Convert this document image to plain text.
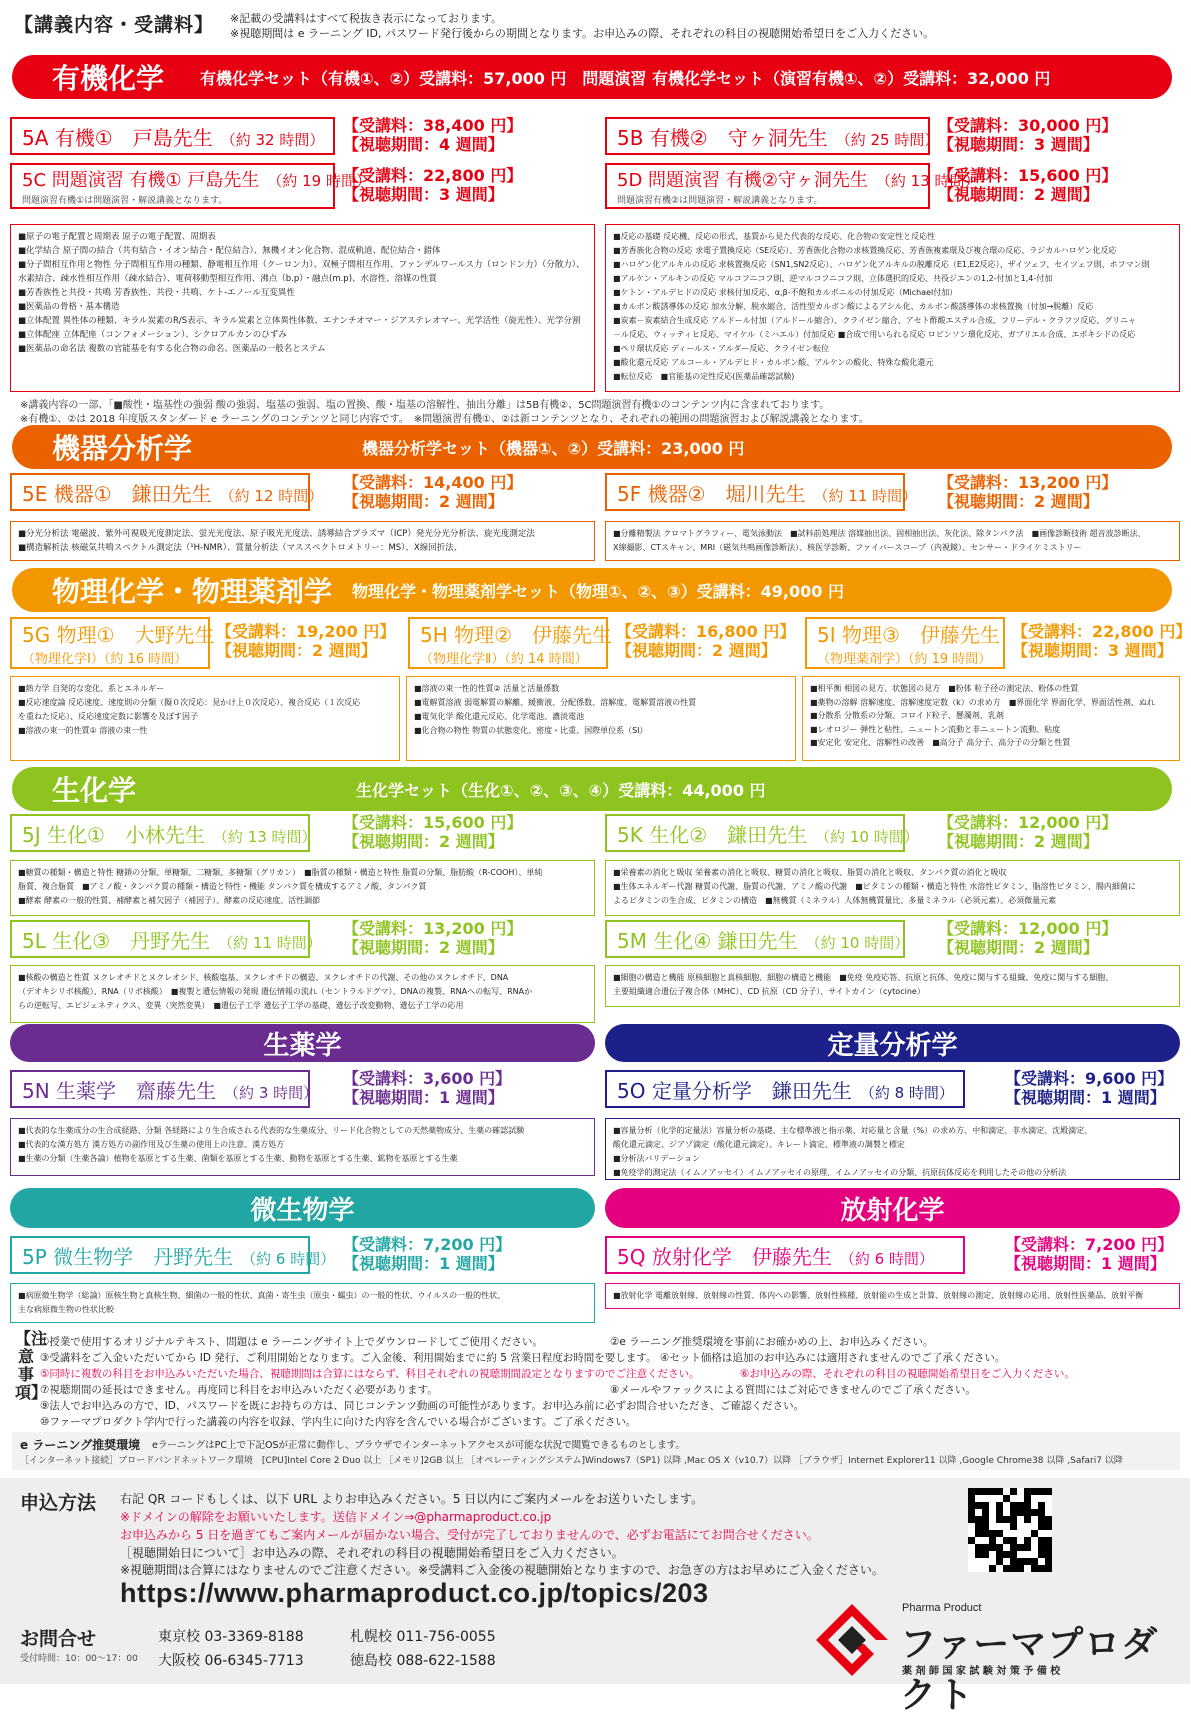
【講義内容・受講料】 ※記載の受講料はすべて税抜き表示になっております。
※視聴期間は e ラーニング ID, パスワード発行後からの期間となります。お申込みの際、それぞれの科目の視聴開始希望日をご入力ください。
有機化学 有機化学セット（有機①、②）受講料：57,000 円　問題演習 有機化学セット（演習有機①、②）受講料：32,000 円
5A 有機①　戸島先生 （約 32 時間）
【受講料：38,400 円】
【視聴期間：4 週間】	5B 有機②　守ヶ洞先生 （約 25 時間）
【受講料：30,000 円】
【視聴期間：3 週間】
5C 問題演習 有機① 戸島先生 （約 19 時間）
問題演習有機①は問題演習・解説講義となります。
【受講料：22,800 円】
【視聴期間：3 週間】
5D 問題演習 有機②守ヶ洞先生 （約 13 時間）
問題演習有機②は問題演習・解説講義となります。
【受講料：15,600 円】
【視聴期間：2 週間】
■原子の電子配置と周期表 原子の電子配置、周期表
■化学結合 原子間の結合（共有結合・イオン結合・配位結合）、無機イオン化合物、混成軌道、配位結合・錯体
■分子間相互作用と物性 分子間相互作用の種類、静電相互作用（クーロン力）、双極子間相互作用、ファンデルワールス力（ロンドン力）（分散力）、
水素結合、疎水性相互作用（疎水結合）、電荷移動型相互作用、沸点（b.p）・融点(m.p)、水溶性、溶媒の性質
■芳香族性と共役・共鳴 芳香族性、共役・共鳴、ケト-エノール互変異性
■医薬品の骨格・基本構造
■立体配置 異性体の種類、キラル炭素のR/S表示、キラル炭素と立体異性体数、エナンチオマー・ジアステレオマー、光学活性（旋光性）、光学分割
■立体配座 立体配座（コンフォメーション）、シクロアルカンのひずみ
■医薬品の命名法 複数の官能基を有する化合物の命名、医薬品の一般名とステム
■反応の基礎 反応機、反応の形式、基質から見た代表的な反応、化合物の安定性と反応性
■芳香族化合物の反応 求電子置換反応（SE反応）、芳香族化合物の求核置換反応、芳香族複素環及び複合環の反応、ラジカルハロゲン化反応
■ハロゲン化アルキルの反応 求核置換反応（SN1,SN2反応）、ハロゲン化アルキルの脱離反応（E1,E2反応）、ザイツェフ、セイツェフ則、ホフマン則
■アルケン・アルキンの反応 マルコフニコフ則、逆マルコフニコフ則、立体選択的反応、共役ジエンの1,2-付加と1,4-付加
■ケトン・アルデヒドの反応 求核付加反応、α,β-不飽和カルボニルの付加反応（Michael付加）
■カルボン酸誘導体の反応 加水分解、脱水縮合、活性型カルボン酸によるアシル化、カルボン酸誘導体の求核置換（付加→脱離）反応
■炭素－炭素結合生成反応 アルドール付加（アルドール縮合）、クライゼン縮合、アセト酢酸エステル合成、フリーデル・クラフツ反応、グリニャ
－ル反応、ウィッティヒ反応、マイケル（ミハエル）付加反応 ■合成で用いられる反応 ロビンソン環化反応、ガブリエル合成、エポキシドの反応
■ペリ環状反応 ディールス・アルダー反応、クライゼン転位
■酸化還元反応 アルコール・アルデヒド・カルボン酸、アルケンの酸化、特殊な酸化還元
■転位反応　■官能基の定性反応(医薬品確認試験)
※講義内容の一部、「■酸性・塩基性の強弱 酸の強弱、塩基の強弱、塩の置換、酸・塩基の溶解性、抽出分離」は5B有機②、5C問題演習有機①のコンテンツ内に含まれております。
※有機①、②は 2018 年度版スタンダード e ラーニングのコンテンツと同じ内容です。　※問題演習有機①、②は新コンテンツとなり、それぞれの範囲の問題演習および解説講義となります。
機器分析学	機器分析学セット（機器①、②）受講料：23,000 円
5E 機器①　鎌田先生 （約 12 時間）
【受講料：14,400 円】
【視聴期間：2 週間】	5F 機器②　堀川先生 （約 11 時間）
【受講料：13,200 円】
【視聴期間：2 週間】
■分光分析法 電磁波、紫外可視吸光度測定法、蛍光光度法、原子吸光光度法、誘導結合プラズマ（ICP）発光分光分析法、旋光度測定法
■構造解析法 核磁気共鳴スペクトル測定法（¹H-NMR）、質量分析法（マススペクトロメトリー：MS）、X線回折法、
■分離精製法 クロマトグラフィー、電気泳動法　■試料前処理法 溶媒抽出法、固相抽出法、灰化法、除タンパク法　■画像診断技術 超音波診断法、
X線撮影、CTスキャン、MRI（磁気共鳴画像診断法）、核医学診断、ファイバースコープ（内視鏡）、センサー・ドライケミストリー
物理化学・物理薬剤学 物理化学・物理薬剤学セット（物理①、②、③）受講料：49,000 円
5G 物理①　大野先生
（物理化学Ⅰ）（約 16 時間）
【受講料：19,200 円】
【視聴期間：2 週間】
5H 物理②　伊藤先生
（物理化学Ⅱ）（約 14 時間）
【受講料：16,800 円】
【視聴期間：2 週間】
5I 物理③　伊藤先生
（物理薬剤学）（約 19 時間）
【受講料：22,800 円】
【視聴期間：3 週間】
■熱力学 自発的な変化、系とエネルギー
■反応速度論 反応速度、速度則の分類（擬０次反応：見かけ上０次反応）、複合反応（１次反応
を重ねた反応）、反応速度定数に影響を及ぼす因子
■溶液の束一的性質① 溶液の束一性
■溶液の束一性的性質② 活量と活量係数
■電解質溶液 弱電解質の解離、緩衝液、分配係数、溶解度、電解質溶液の性質
■電気化学 酸化還元反応、化学電池、濃淡電池
■化合物の物性 物質の状態変化、密度・比重、国際単位系（SI）
■相平衡 相図の見方、状態図の見方　■粉体 粒子径の測定法、粉体の性質
■薬物の溶解 溶解速度、溶解速度定数（k）の求め方　■界面化学 界面化学、界面活性剤、ぬれ
■分散系 分散系の分類、コロイド粒子、懸濁剤、乳剤
■レオロジー 弾性と粘性、ニュートン流動と非ニュートン流動、粘度
■安定化 安定化、溶解性の改善　■高分子 高分子、高分子の分類と性質
生化学	生化学セット（生化①、②、③、④）受講料：44,000 円
5J 生化①　小林先生 （約 13 時間）
【受講料：15,600 円】
【視聴期間：2 週間】	5K 生化②　鎌田先生 （約 10 時間）
【受講料：12,000 円】
【視聴期間：2 週間】
■糖質の種類・構造と特性 糖鎖の分類、単糖類、二糖類、多糖類（グリカン）　■脂質の種類・構造と特性 脂質の分類、脂肪酸（R-COOH）、単純
脂質、複合脂質　■アミノ酸・タンパク質の種類・構造と特性・機能 タンパク質を構成するアミノ酸、タンパク質
■酵素 酵素の一般的性質、補酵素と補欠因子（補因子）、酵素の反応速度、活性調節
■栄養素の消化と吸収 栄養素の消化と吸収、糖質の消化と吸収、脂質の消化と吸収、タンパク質の消化と吸収
■生体エネルギー代謝 糖質の代謝、脂質の代謝、アミノ酸の代謝　■ビタミンの種類・構造と特性 水溶性ビタミン、脂溶性ビタミン、腸内細菌に
よるビタミンの生合成、ビタミンの構造　■無機質（ミネラル）人体無機質量比、多量ミネラル（必須元素）、必須微量元素
5L 生化③　丹野先生 （約 11 時間）
【受講料：13,200 円】
【視聴期間：2 週間】	5M 生化④ 鎌田先生 （約 10 時間）
【受講料：12,000 円】
【視聴期間：2 週間】
■核酸の構造と性質 ヌクレオチドとヌクレオシド、核酸塩基、ヌクレオチドの構造、ヌクレオチドの代謝、その他のヌクレオチド、DNA
（デオキシリボ核酸）、RNA（リボ核酸）　■複製と遺伝情報の発現 遺伝情報の流れ（セントラルドグマ）、DNAの複製、RNAへの転写、RNAか
らの逆転写、エピジェネティクス、変異（突然変異）　■遺伝子工学 遺伝子工学の基礎、遺伝子改変動物、遺伝子工学の応用
■細胞の構造と機能 原核細胞と真核細胞、細胞の構造と機能　■免疫 免疫応答、抗原と抗体、免疫に関与する組織、免疫に関与する細胞、
主要組織適合遺伝子複合体（MHC）、CD 抗原（CD 分子）、サイトカイン（cytocine）
生薬学	定量分析学
5N 生薬学　齋藤先生 （約 3 時間）
【受講料：3,600 円】
【視聴期間：1 週間】	5O 定量分析学　鎌田先生 （約 8 時間）
【受講料：9,600 円】
【視聴期間：1 週間】
■代表的な生薬成分の生合成経路、分類 各経路により生合成される代表的な生薬成分、リード化合物としての天然薬物成分、生薬の確認試験
■代表的な漢方処方 漢方処方の副作用及び生薬の使用上の注意、漢方処方
■生薬の分類（生薬各論）植物を基原とする生薬、菌類を基原とする生薬、動物を基原とする生薬、鉱物を基原とする生薬
■容量分析（化学的定量法）容量分析の基礎、主な標準液と指示薬、対応量と含量（%）の求め方、中和滴定、非水滴定、沈殿滴定、
酸化還元滴定、ジアゾ滴定（酸化還元滴定）、キレート滴定、標準液の調製と標定
■分析法バリデーション
■免疫学的測定法（イムノアッセイ）イムノアッセイの原理、イムノアッセイの分類、抗原抗体反応を利用したその他の分析法
微生物学	放射化学
5P 微生物学　丹野先生 （約 6 時間）
【受講料：7,200 円】
【視聴期間：1 週間】	5Q 放射化学　伊藤先生 （約 6 時間）
【受講料：7,200 円】
【視聴期間：1 週間】
■病原微生物学（総論）原核生物と真核生物、細菌の一般的性状、真菌・寄生虫（原虫・蠕虫）の一般的性状、ウイルスの一般的性状、
主な病原微生物の性状比較
■放射化学 電離放射線、放射線の性質、体内への影響、放射性核種、放射能の生成と計算、放射線の測定、放射線の応用、放射性医薬品、放射平衡
【注意事項】
①授業で使用するオリジナルテキスト、問題は e ラーニングサイト上でダウンロードしてご使用ください。	②e ラーニング推奨環境を事前にお確かめの上、お申込みください。
③受講料をご入金いただいてから ID 発行、ご利用開始となります。ご入金後、利用開始までに約 5 営業日程度お時間を要します。 ④セット価格は追加のお申込みには適用されませんのでご了承ください。
⑤同時に複数の科目をお申込みいただいた場合、視聴期間は合算にはならず、科目それぞれの視聴期間設定となりますのでご注意ください。	⑥お申込みの際、それぞれの科目の視聴開始希望日をご入力ください。
⑦視聴期間の延長はできません。再度同じ科目をお申込みいただく必要があります。	⑧メールやファックスによる質問にはご対応できませんのでご了承ください。
⑨法人でお申込みの方で、ID、パスワードを既にお持ちの方は、同じコンテンツ動画の可能性があります。お申込み前に必ずお問合せいただき、ご確認ください。
⑩ファーマプロダクト学内で行った講義の内容を収録、学内生に向けた内容を含んでいる場合がございます。ご了承ください。
e ラーニング推奨環境 eラーニングはPC上で下記OSが正常に動作し、ブラウザでインターネットアクセスが可能な状況で閲覧できるものとします。
［インターネット接続］ブロードバンドネットワーク環境　[CPU]Intel Core 2 Duo 以上 ［メモリ]2GB 以上 ［オペレーティングシステム]Windows7（SP1) 以降 ,Mac OS X（v10.7）以降 ［ブラウザ］Internet Explorer11 以降 ,Google Chrome38 以降 ,Safari7 以降
申込方法 右記 QR コードもしくは、以下 URL よりお申込みください。5 日以内にご案内メールをお送りいたします。
※ドメインの解除をお願いいたします。送信ドメイン⇒@pharmaproduct.co.jp
お申込みから 5 日を過ぎてもご案内メールが届かない場合、受付が完了しておりませんので、必ずお電話にてお問合せください。
［視聴開始日について］お申込みの際、それぞれの科目の視聴開始希望日をご入力ください。
※視聴期間は合算にはなりませんのでご注意ください。※受講料ご入金後の視聴開始となりますので、お急ぎの方はお早めにご入金ください。
https://www.pharmaproduct.co.jp/topics/203
お問合せ
受付時間：10：00～17：00
東京校 03-3369-8188
大阪校 06-6345-7713
札幌校 011-756-0055
徳島校 088-622-1588
Pharma Product
ファーマプロダクト
薬 剤 師 国 家 試 験 対 策 予 備 校
